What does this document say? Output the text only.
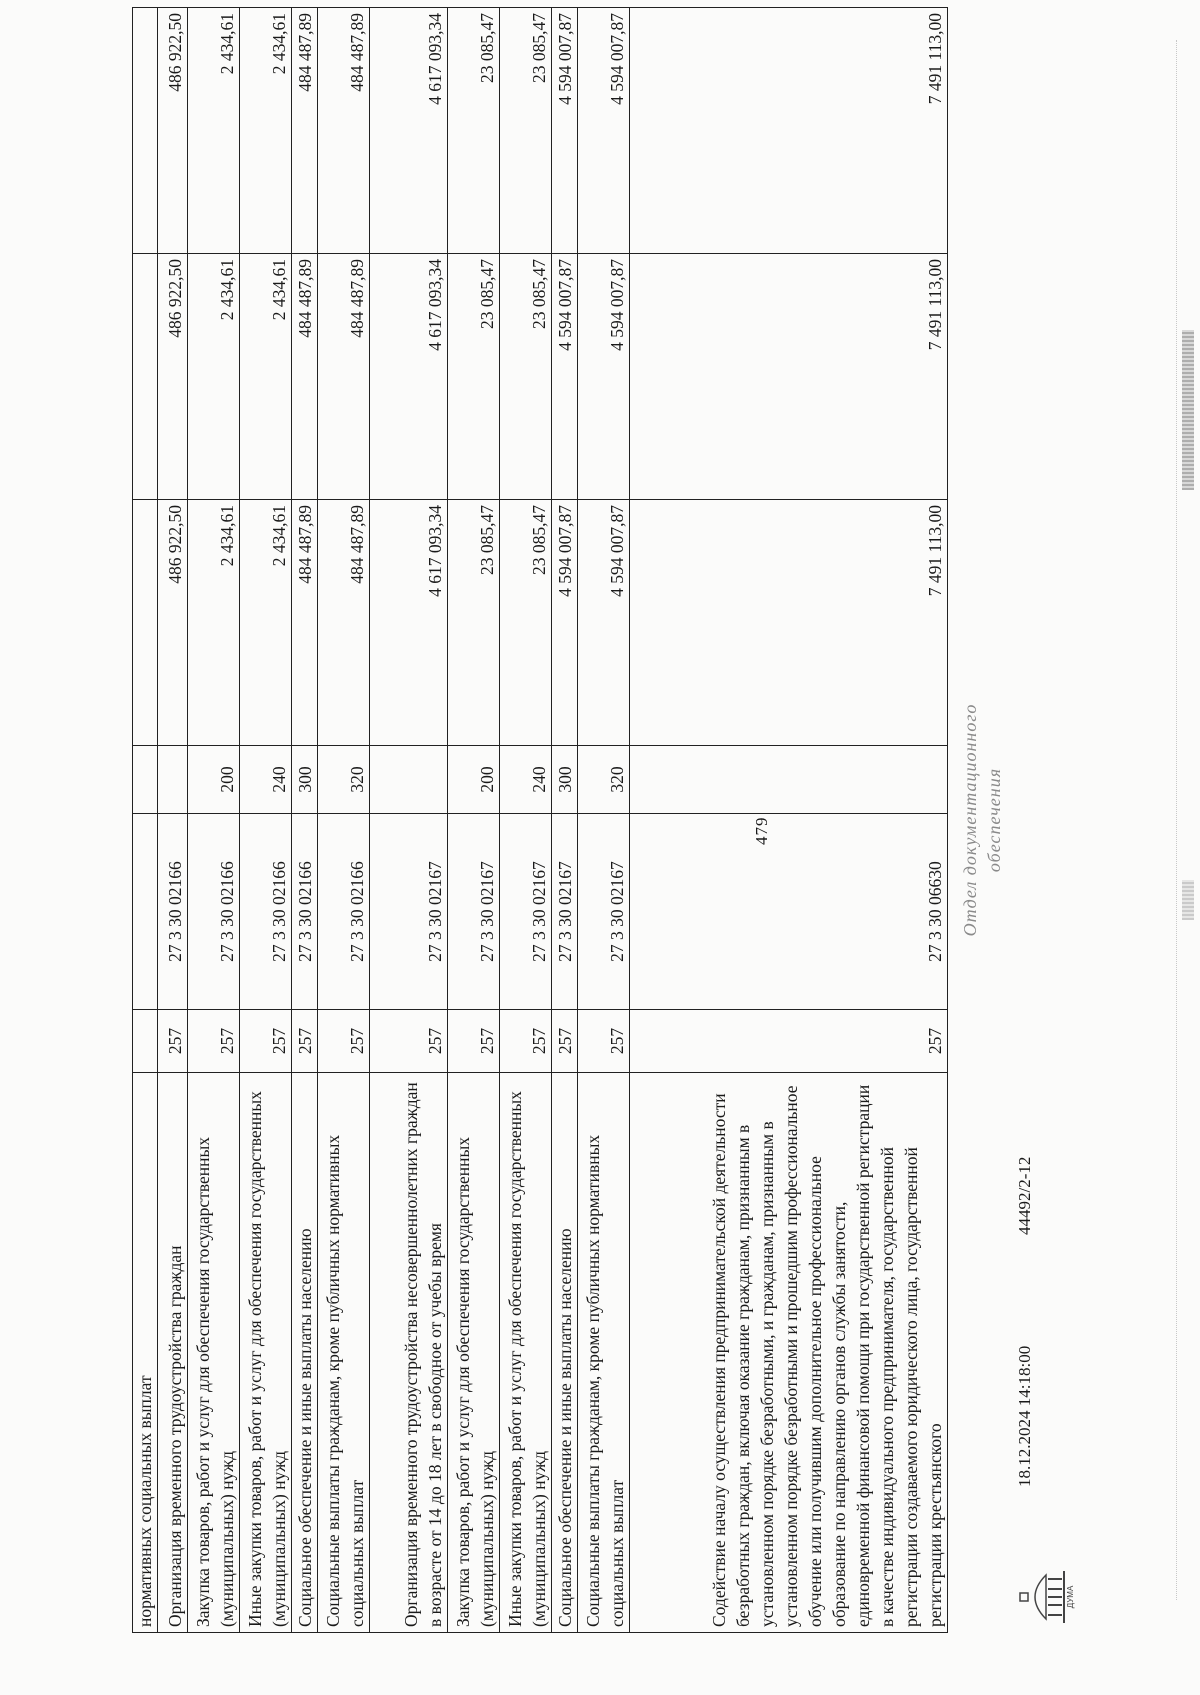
479
нормативных социальных выплат						
Организация временного трудоустройства граждан	257	27 3 30 02166		486 922,50	486 922,50	486 922,50
Закупка товаров, работ и услуг для обеспечения государственных (муниципальных) нужд	257	27 3 30 02166	200	2 434,61	2 434,61	2 434,61
Иные закупки товаров, работ и услуг для обеспечения государственных (муниципальных) нужд	257	27 3 30 02166	240	2 434,61	2 434,61	2 434,61
Социальное обеспечение и иные выплаты населению	257	27 3 30 02166	300	484 487,89	484 487,89	484 487,89
Социальные выплаты гражданам, кроме публичных нормативных социальных выплат	257	27 3 30 02166	320	484 487,89	484 487,89	484 487,89
Организация временного трудоустройства несовершеннолетних граждан в возрасте от 14 до 18 лет в свободное от учебы время	257	27 3 30 02167		4 617 093,34	4 617 093,34	4 617 093,34
Закупка товаров, работ и услуг для обеспечения государственных (муниципальных) нужд	257	27 3 30 02167	200	23 085,47	23 085,47	23 085,47
Иные закупки товаров, работ и услуг для обеспечения государственных (муниципальных) нужд	257	27 3 30 02167	240	23 085,47	23 085,47	23 085,47
Социальное обеспечение и иные выплаты населению	257	27 3 30 02167	300	4 594 007,87	4 594 007,87	4 594 007,87
Социальные выплаты гражданам, кроме публичных нормативных социальных выплат	257	27 3 30 02167	320	4 594 007,87	4 594 007,87	4 594 007,87
Содействие началу осуществления предпринимательской деятельности безработных граждан, включая оказание гражданам, признанным в установленном порядке безработными, и гражданам, признанным в установленном порядке безработными и прошедшим профессиональное обучение или получившим дополнительное профессиональное образование по направлению органов службы занятости, единовременной финансовой помощи при государственной регистрации в качестве индивидуального предпринимателя, государственной регистрации создаваемого юридического лица, государственной регистрации крестьянского	257	27 3 30 06630		7 491 113,00	7 491 113,00	7 491 113,00
ДУМА
18.12.2024 14:18:00
44492/2-12
Отдел документационного обеспечения
